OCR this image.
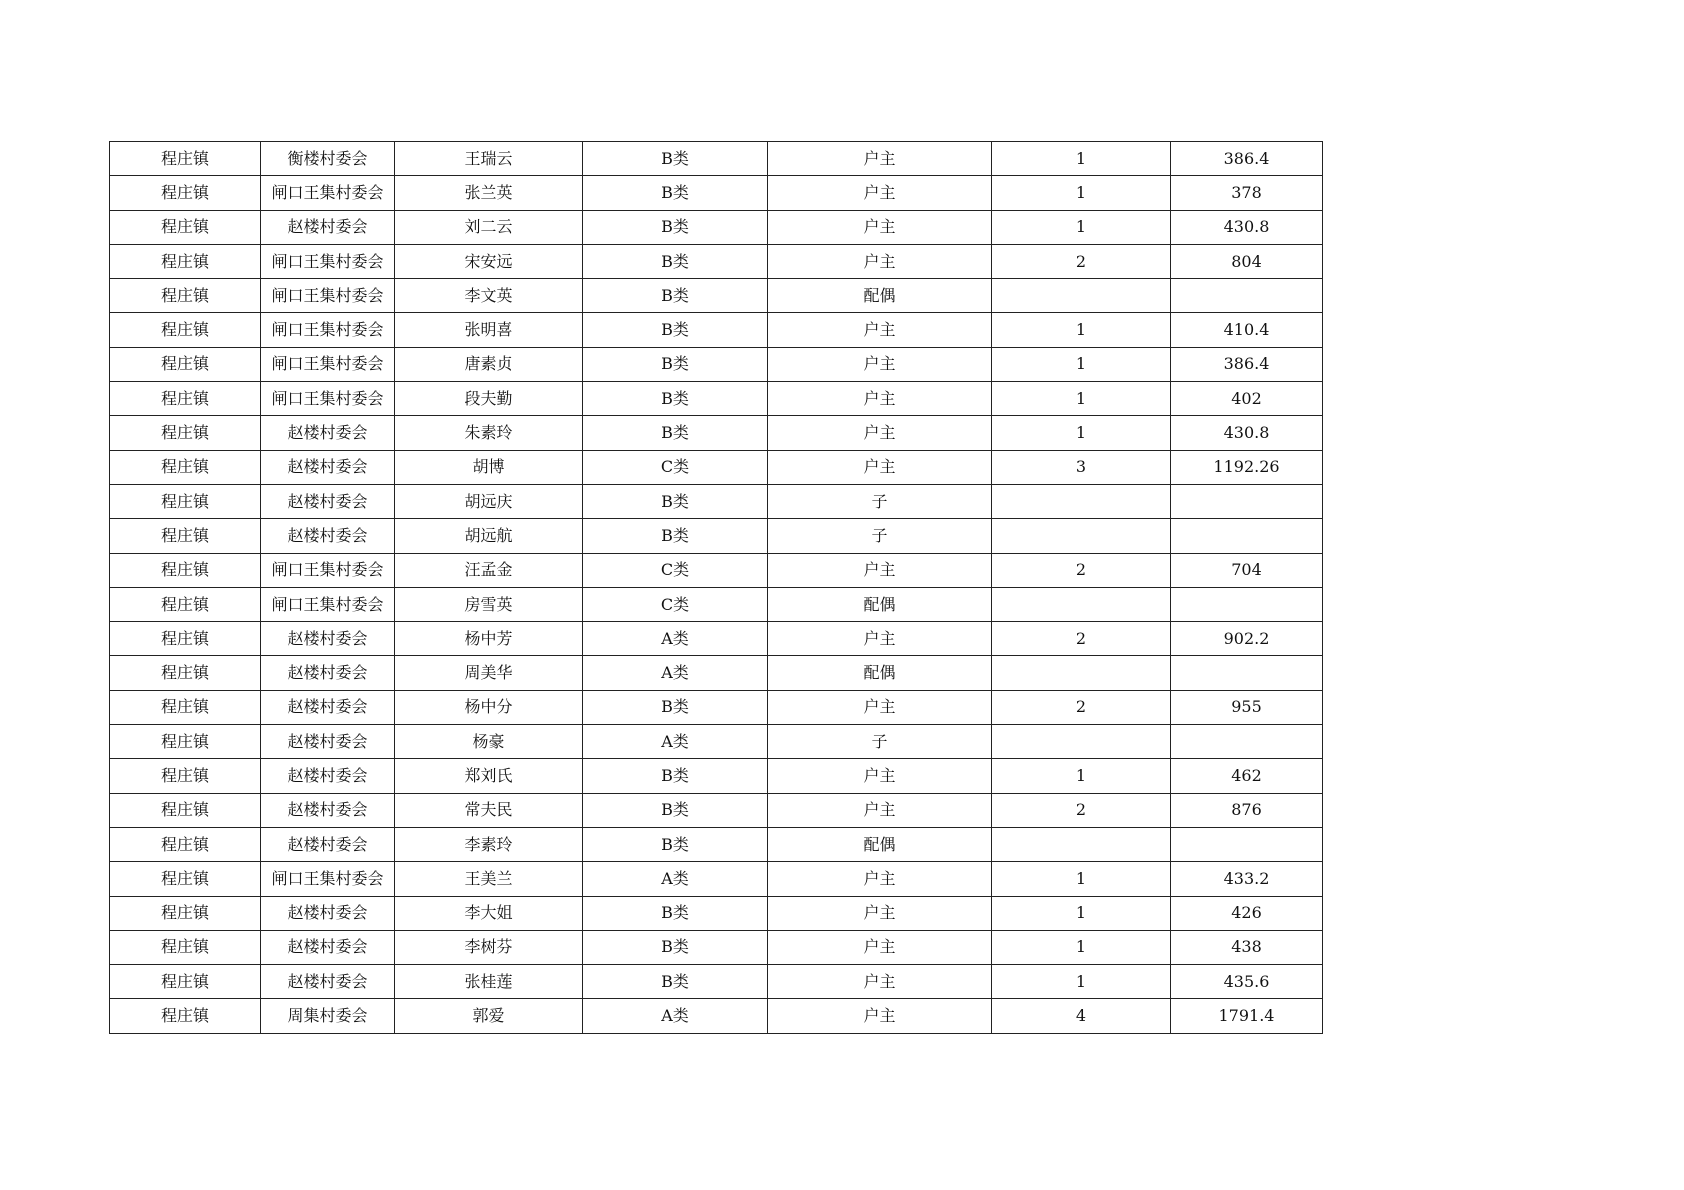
程庄镇	衡楼村委会	王瑞云	B类	户主	1	386.4
程庄镇	闸口王集村委会	张兰英	B类	户主	1	378
程庄镇	赵楼村委会	刘二云	B类	户主	1	430.8
程庄镇	闸口王集村委会	宋安远	B类	户主	2	804
程庄镇	闸口王集村委会	李文英	B类	配偶		
程庄镇	闸口王集村委会	张明喜	B类	户主	1	410.4
程庄镇	闸口王集村委会	唐素贞	B类	户主	1	386.4
程庄镇	闸口王集村委会	段夫勤	B类	户主	1	402
程庄镇	赵楼村委会	朱素玲	B类	户主	1	430.8
程庄镇	赵楼村委会	胡博	C类	户主	3	1192.26
程庄镇	赵楼村委会	胡远庆	B类	子		
程庄镇	赵楼村委会	胡远航	B类	子		
程庄镇	闸口王集村委会	汪孟金	C类	户主	2	704
程庄镇	闸口王集村委会	房雪英	C类	配偶		
程庄镇	赵楼村委会	杨中芳	A类	户主	2	902.2
程庄镇	赵楼村委会	周美华	A类	配偶		
程庄镇	赵楼村委会	杨中分	B类	户主	2	955
程庄镇	赵楼村委会	杨豪	A类	子		
程庄镇	赵楼村委会	郑刘氏	B类	户主	1	462
程庄镇	赵楼村委会	常夫民	B类	户主	2	876
程庄镇	赵楼村委会	李素玲	B类	配偶		
程庄镇	闸口王集村委会	王美兰	A类	户主	1	433.2
程庄镇	赵楼村委会	李大姐	B类	户主	1	426
程庄镇	赵楼村委会	李树芬	B类	户主	1	438
程庄镇	赵楼村委会	张桂莲	B类	户主	1	435.6
程庄镇	周集村委会	郭爱	A类	户主	4	1791.4
